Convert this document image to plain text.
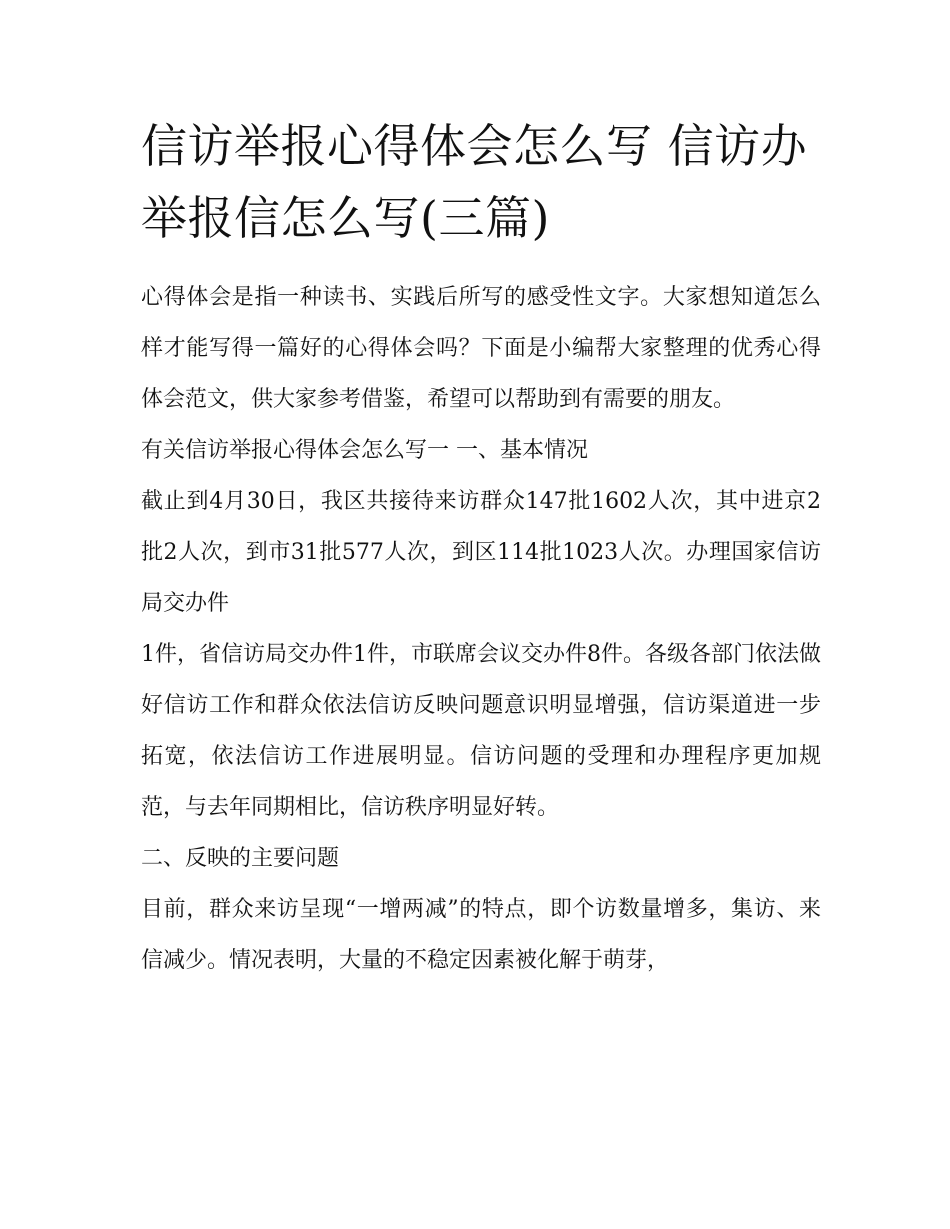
信访举报心得体会怎么写 信访办举报信怎么写(三篇)

心得体会是指一种读书、实践后所写的感受性文字。大家想知道怎么样才能写得一篇好的心得体会吗？下面是小编帮大家整理的优秀心得体会范文，供大家参考借鉴，希望可以帮助到有需要的朋友。

有关信访举报心得体会怎么写一 一、基本情况

截止到4月30日，我区共接待来访群众147批1602人次，其中进京2批2人次，到市31批577人次，到区114批1023人次。办理国家信访局交办件

1件，省信访局交办件1件，市联席会议交办件8件。各级各部门依法做好信访工作和群众依法信访反映问题意识明显增强，信访渠道进一步拓宽，依法信访工作进展明显。信访问题的受理和办理程序更加规范，与去年同期相比，信访秩序明显好转。

二、反映的主要问题

目前，群众来访呈现“一增两减”的特点，即个访数量增多，集访、来信减少。情况表明，大量的不稳定因素被化解于萌芽，
